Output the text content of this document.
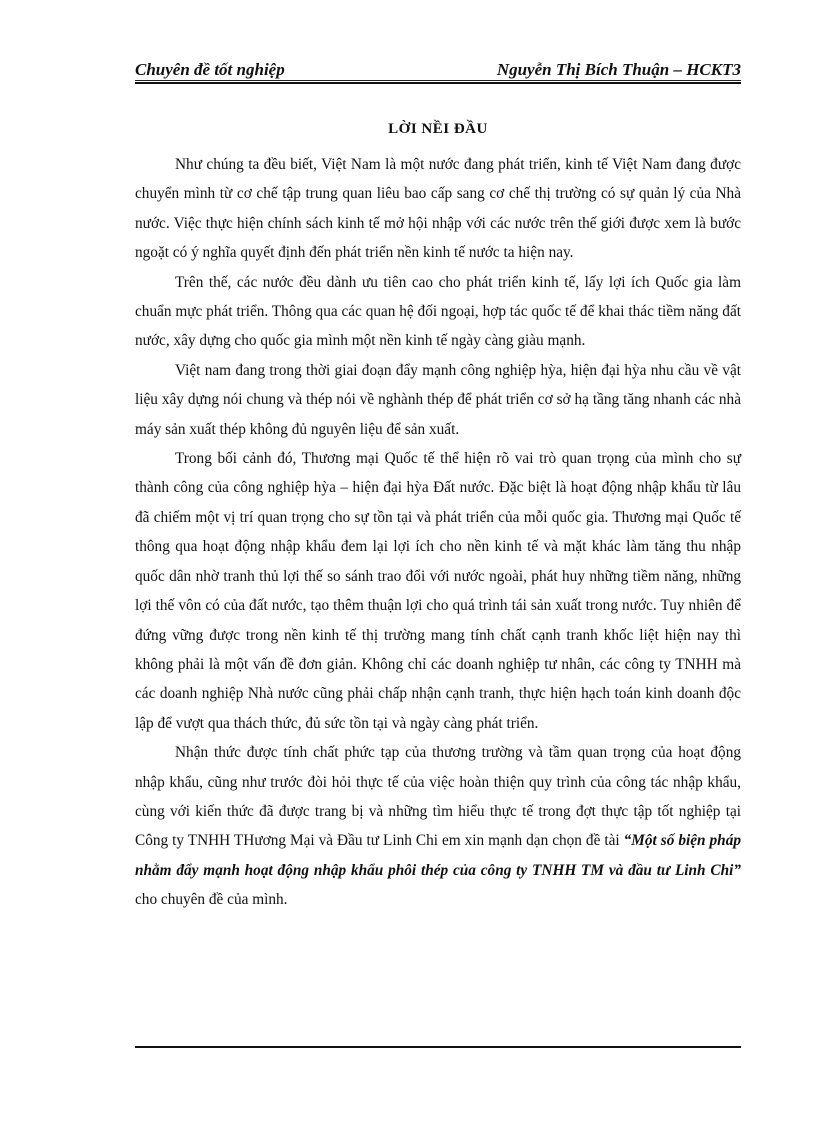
Chuyên đề tốt nghiệp	Nguyễn Thị Bích Thuận – HCKT3
LỜI NỀI ĐẦU

Như chúng ta đều biết, Việt Nam là một nước đang phát triển, kinh tế Việt Nam đang được chuyển mình từ cơ chế tập trung quan liêu bao cấp sang cơ chế thị trường có sự quản lý của Nhà nước. Việc thực hiện chính sách kinh tế mở hội nhập với các nước trên thế giới được xem là bước ngoặt có ý nghĩa quyết định đến phát triển nền kinh tế nước ta hiện nay.

Trên thế, các nước đều dành ưu tiên cao cho phát triển kinh tế, lấy lợi ích Quốc gia làm chuẩn mực phát triển. Thông qua các quan hệ đối ngoại, hợp tác quốc tế để khai thác tiềm năng đất nước, xây dựng cho quốc gia mình một nền kinh tế ngày càng giàu mạnh.

Việt nam đang trong thời giai đoạn đẩy mạnh công nghiệp hỳa, hiện đại hỳa nhu cầu về vật liệu xây dựng nói chung và thép nói về nghành thép để phát triển cơ sở hạ tầng tăng nhanh các nhà máy sản xuất thép không đủ nguyên liệu để sản xuất.

Trong bối cảnh đó, Thương mại Quốc tế thể hiện rõ vai trò quan trọng của mình cho sự thành công của công nghiệp hỳa – hiện đại hỳa Đất nước. Đặc biệt là hoạt động nhập khẩu từ lâu đã chiếm một vị trí quan trọng cho sự tồn tại và phát triển của mỗi quốc gia. Thương mại Quốc tế thông qua hoạt động nhập khẩu đem lại lợi ích cho nền kinh tế và mặt khác làm tăng thu nhập quốc dân nhờ tranh thủ lợi thế so sánh trao đổi với nước ngoài, phát huy những tiềm năng, những lợi thế vôn có của đất nước, tạo thêm thuận lợi cho quá trình tái sản xuất trong nước. Tuy nhiên để đứng vững được trong nền kinh tế thị trường mang tính chất cạnh tranh khốc liệt hiện nay thì không phải là một vấn đề đơn giản. Không chỉ các doanh nghiệp tư nhân, các công ty TNHH mà các doanh nghiệp Nhà nước cũng phải chấp nhận cạnh tranh, thực hiện hạch toán kinh doanh độc lập để vượt qua thách thức, đủ sức tồn tại và ngày càng phát triển.

Nhận thức được tính chất phức tạp của thương trường và tầm quan trọng của hoạt động nhập khẩu, cũng như trước đòi hỏi thực tế của việc hoàn thiện quy trình của công tác nhập khẩu, cùng với kiến thức đã được trang bị và những tìm hiểu thực tế trong đợt thực tập tốt nghiệp tại Công ty TNHH THương Mại và Đầu tư Linh Chi em xin mạnh dạn chọn đề tài “Một số biện pháp nhằm đẩy mạnh hoạt động nhập khẩu phôi thép của công ty TNHH TM và đầu tư Linh Chi” cho chuyên đề của mình.
